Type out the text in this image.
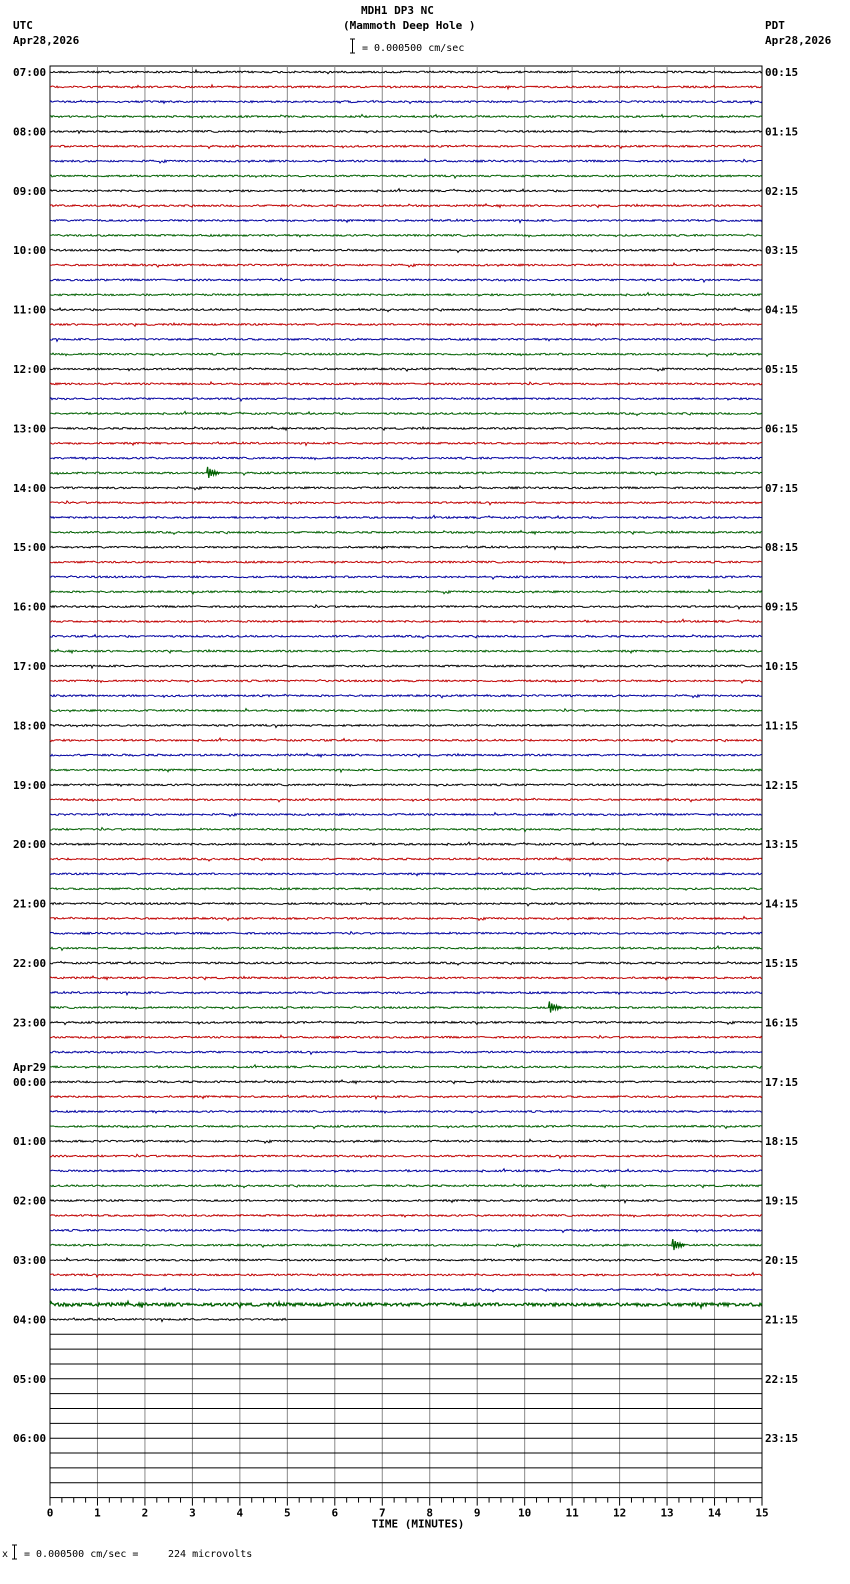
MDH1 DP3 NC
(Mammoth Deep Hole )
= 0.000500 cm/sec
UTC
Apr28,2026
PDT
Apr28,2026
07:00	00:15
08:00	01:15
09:00	02:15
10:00	03:15
11:00	04:15
12:00	05:15
13:00	06:15
14:00	07:15
15:00	08:15
16:00	09:15
17:00	10:15
18:00	11:15
19:00	12:15
20:00	13:15
21:00	14:15
22:00	15:15
23:00	16:15
00:00	17:15
Apr29
01:00	18:15
02:00	19:15
03:00	20:15
04:00	21:15
05:00	22:15
06:00	23:15
0	1	2	3	4	5	6	7	8	9	10	11	12	13	14	15
TIME (MINUTES)
x = 0.000500 cm/sec =	224 microvolts
